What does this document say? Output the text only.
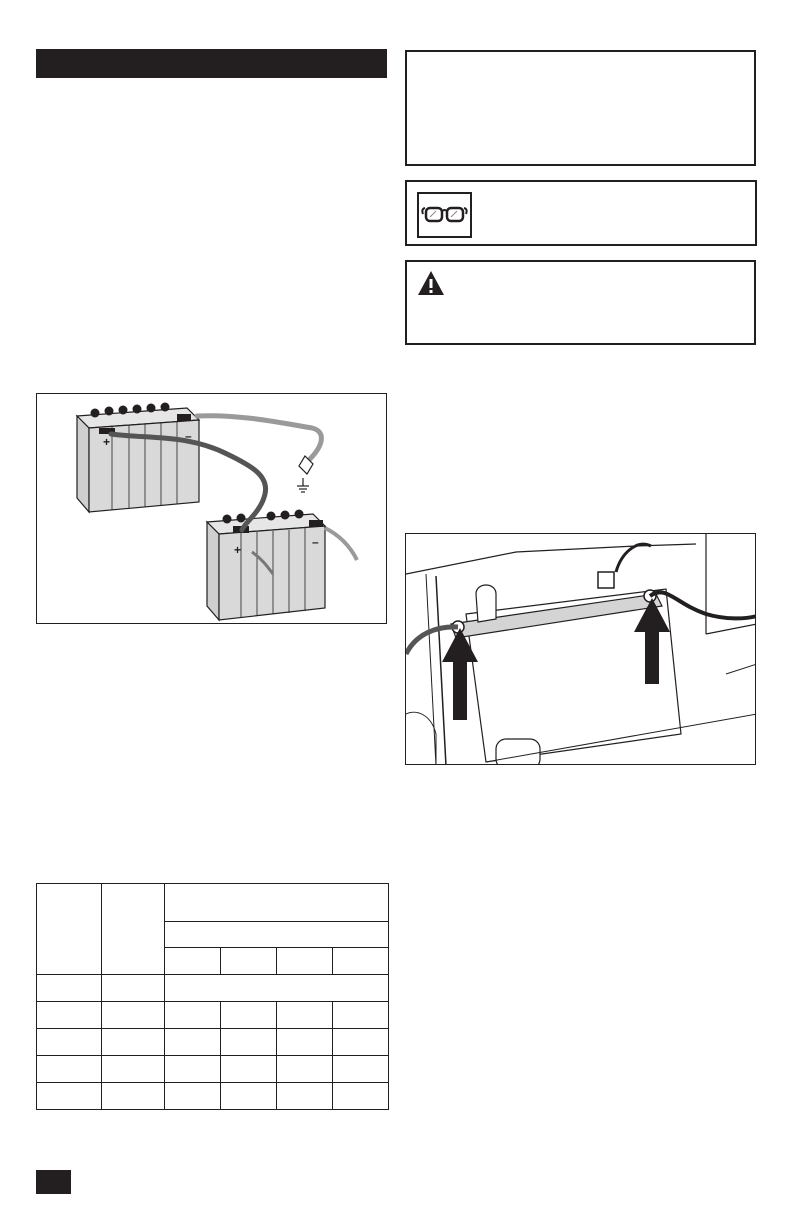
+	–
+
–
